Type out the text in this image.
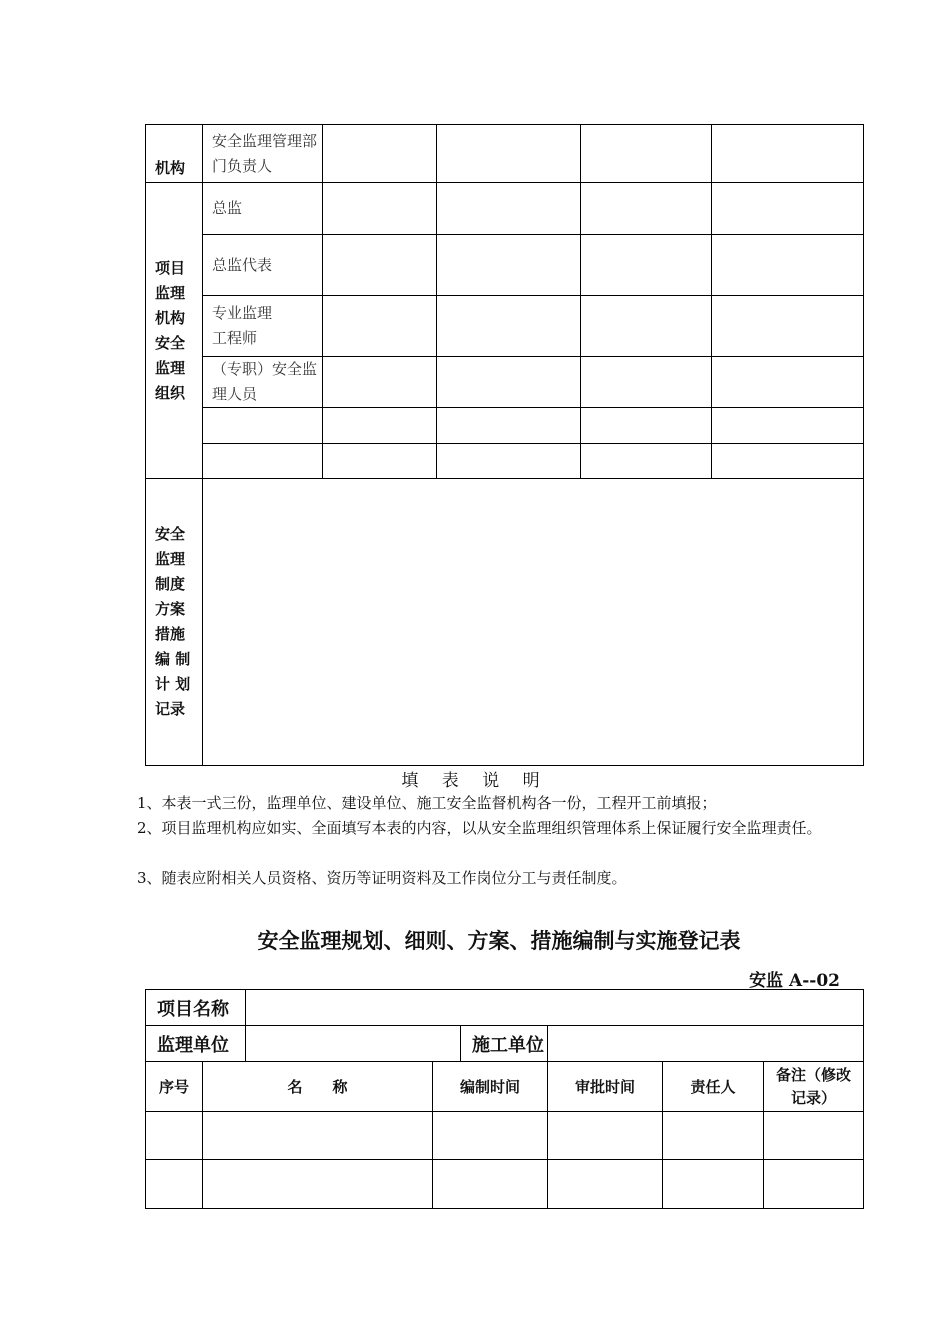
机构	安全监理管理部门负责人				

项目监理机构安全监理组织	总监				
	总监代表				

	专业监理工程师				

	（专职）安全监理人员				

安全监理制度方案措施编 制计 划记录					

填 表 说 明
1、本表一式三份，监理单位、建设单位、施工安全监督机构各一份，工程开工前填报；
2、项目监理机构应如实、全面填写本表的内容，以从安全监理组织管理体系上保证履行安全监理责任。
3、随表应附相关人员资格、资历等证明资料及工作岗位分工与责任制度。
安全监理规划、细则、方案、措施编制与实施登记表
安监 A--02
项目名称							
监理单位				施工单位			
序号	名　　称		编制时间		审批时间	责任人	备注（修改记录）
